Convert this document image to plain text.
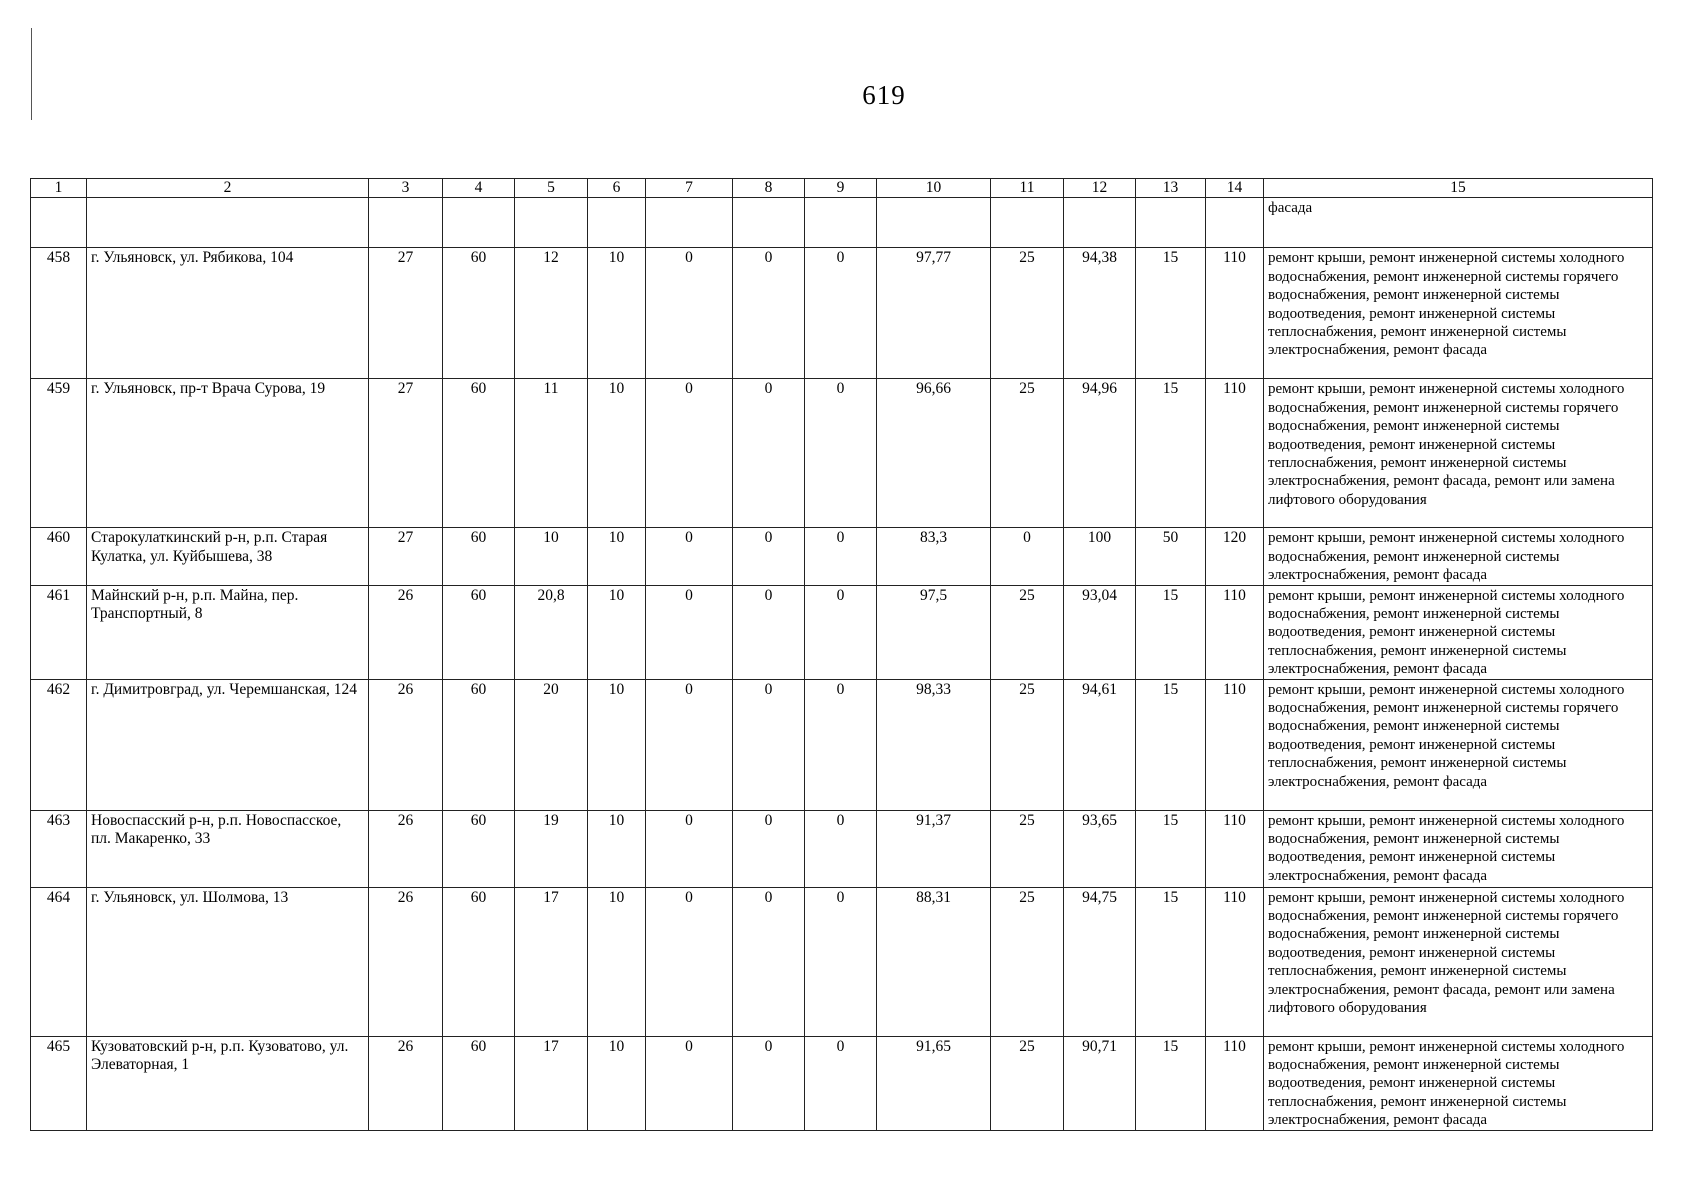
619
1	2	3	4	5	6	7	8	9	10	11	12	13	14	15
														фасада
458	г. Ульяновск, ул. Рябикова, 104	27	60	12	10	0	0	0	97,77	25	94,38	15	110	ремонт крыши, ремонт инженерной системы холодного водоснабжения, ремонт инженерной системы горячего водоснабжения, ремонт инженерной системы водоотведения, ремонт инженерной системы теплоснабжения, ремонт инженерной системы электроснабжения, ремонт фасада
459	г. Ульяновск, пр-т Врача Сурова, 19	27	60	11	10	0	0	0	96,66	25	94,96	15	110	ремонт крыши, ремонт инженерной системы холодного водоснабжения, ремонт инженерной системы горячего водоснабжения, ремонт инженерной системы водоотведения, ремонт инженерной системы теплоснабжения, ремонт инженерной системы электроснабжения, ремонт фасада, ремонт или замена лифтового оборудования
460	Старокулаткинский р-н, р.п. Старая Кулатка, ул. Куйбышева, 38	27	60	10	10	0	0	0	83,3	0	100	50	120	ремонт крыши, ремонт инженерной системы холодного водоснабжения, ремонт инженерной системы электроснабжения, ремонт фасада
461	Майнский р-н, р.п. Майна, пер. Транспортный, 8	26	60	20,8	10	0	0	0	97,5	25	93,04	15	110	ремонт крыши, ремонт инженерной системы холодного водоснабжения, ремонт инженерной системы водоотведения, ремонт инженерной системы теплоснабжения, ремонт инженерной системы электроснабжения, ремонт фасада
462	г. Димитровград, ул. Черемшанская, 124	26	60	20	10	0	0	0	98,33	25	94,61	15	110	ремонт крыши, ремонт инженерной системы холодного водоснабжения, ремонт инженерной системы горячего водоснабжения, ремонт инженерной системы водоотведения, ремонт инженерной системы теплоснабжения, ремонт инженерной системы электроснабжения, ремонт фасада
463	Новоспасский р-н, р.п. Новоспасское, пл. Макаренко, 33	26	60	19	10	0	0	0	91,37	25	93,65	15	110	ремонт крыши, ремонт инженерной системы холодного водоснабжения, ремонт инженерной системы водоотведения, ремонт инженерной системы электроснабжения, ремонт фасада
464	г. Ульяновск, ул. Шолмова, 13	26	60	17	10	0	0	0	88,31	25	94,75	15	110	ремонт крыши, ремонт инженерной системы холодного водоснабжения, ремонт инженерной системы горячего водоснабжения, ремонт инженерной системы водоотведения, ремонт инженерной системы теплоснабжения, ремонт инженерной системы электроснабжения, ремонт фасада, ремонт или замена лифтового оборудования
465	Кузоватовский р-н, р.п. Кузоватово, ул. Элеваторная, 1	26	60	17	10	0	0	0	91,65	25	90,71	15	110	ремонт крыши, ремонт инженерной системы холодного водоснабжения, ремонт инженерной системы водоотведения, ремонт инженерной системы теплоснабжения, ремонт инженерной системы электроснабжения, ремонт фасада
